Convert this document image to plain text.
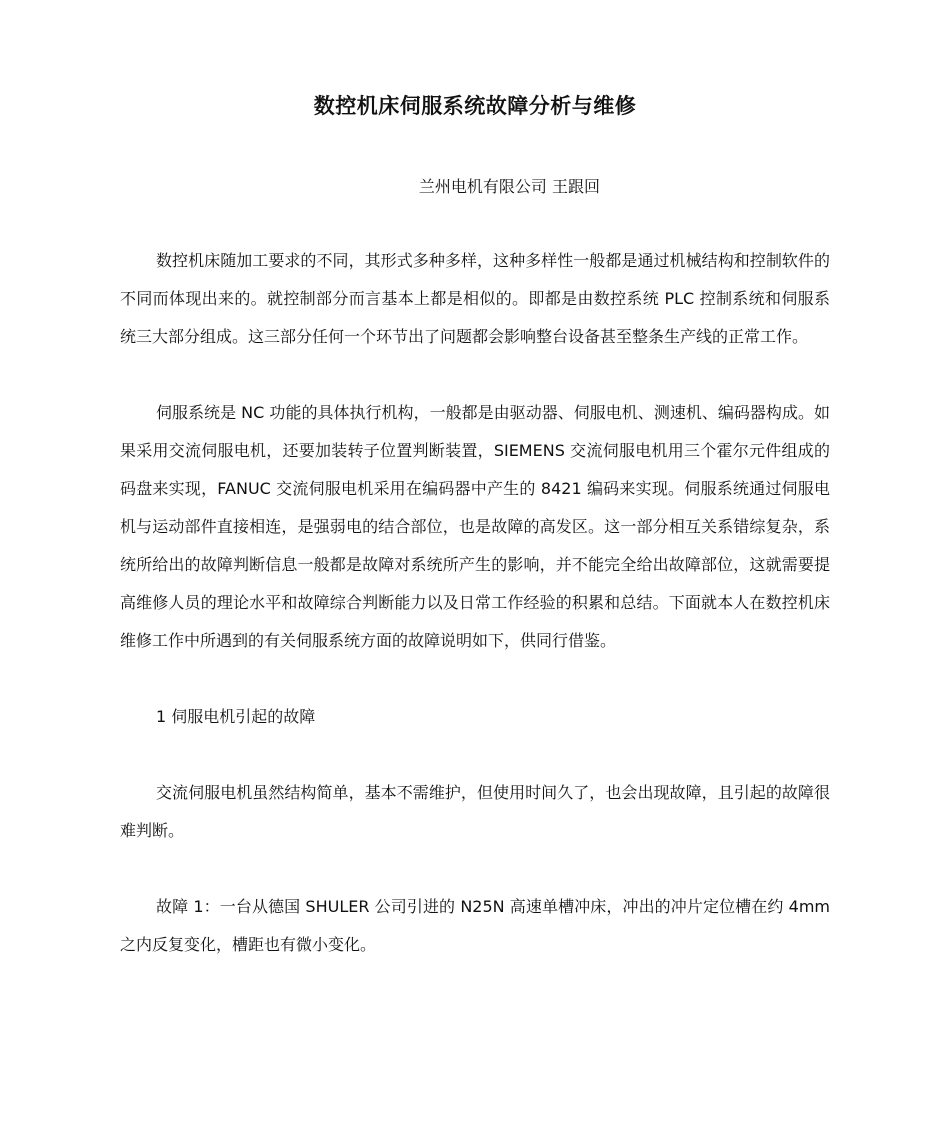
数控机床伺服系统故障分析与维修

兰州电机有限公司 王跟回

数控机床随加工要求的不同，其形式多种多样，这种多样性一般都是通过机械结构和控制软件的不同而体现出来的。就控制部分而言基本上都是相似的。即都是由数控系统 PLC 控制系统和伺服系统三大部分组成。这三部分任何一个环节出了问题都会影响整台设备甚至整条生产线的正常工作。

伺服系统是 NC 功能的具体执行机构，一般都是由驱动器、伺服电机、测速机、编码器构成。如果采用交流伺服电机，还要加装转子位置判断装置，SIEMENS 交流伺服电机用三个霍尔元件组成的码盘来实现，FANUC 交流伺服电机采用在编码器中产生的 8421 编码来实现。伺服系统通过伺服电机与运动部件直接相连，是强弱电的结合部位，也是故障的高发区。这一部分相互关系错综复杂，系统所给出的故障判断信息一般都是故障对系统所产生的影响，并不能完全给出故障部位，这就需要提高维修人员的理论水平和故障综合判断能力以及日常工作经验的积累和总结。下面就本人在数控机床维修工作中所遇到的有关伺服系统方面的故障说明如下，供同行借鉴。

1 伺服电机引起的故障

交流伺服电机虽然结构简单，基本不需维护，但使用时间久了，也会出现故障，且引起的故障很难判断。

故障 1：一台从德国 SHULER 公司引进的 N25N 高速单槽冲床，冲出的冲片定位槽在约 4mm 之内反复变化，槽距也有微小变化。
